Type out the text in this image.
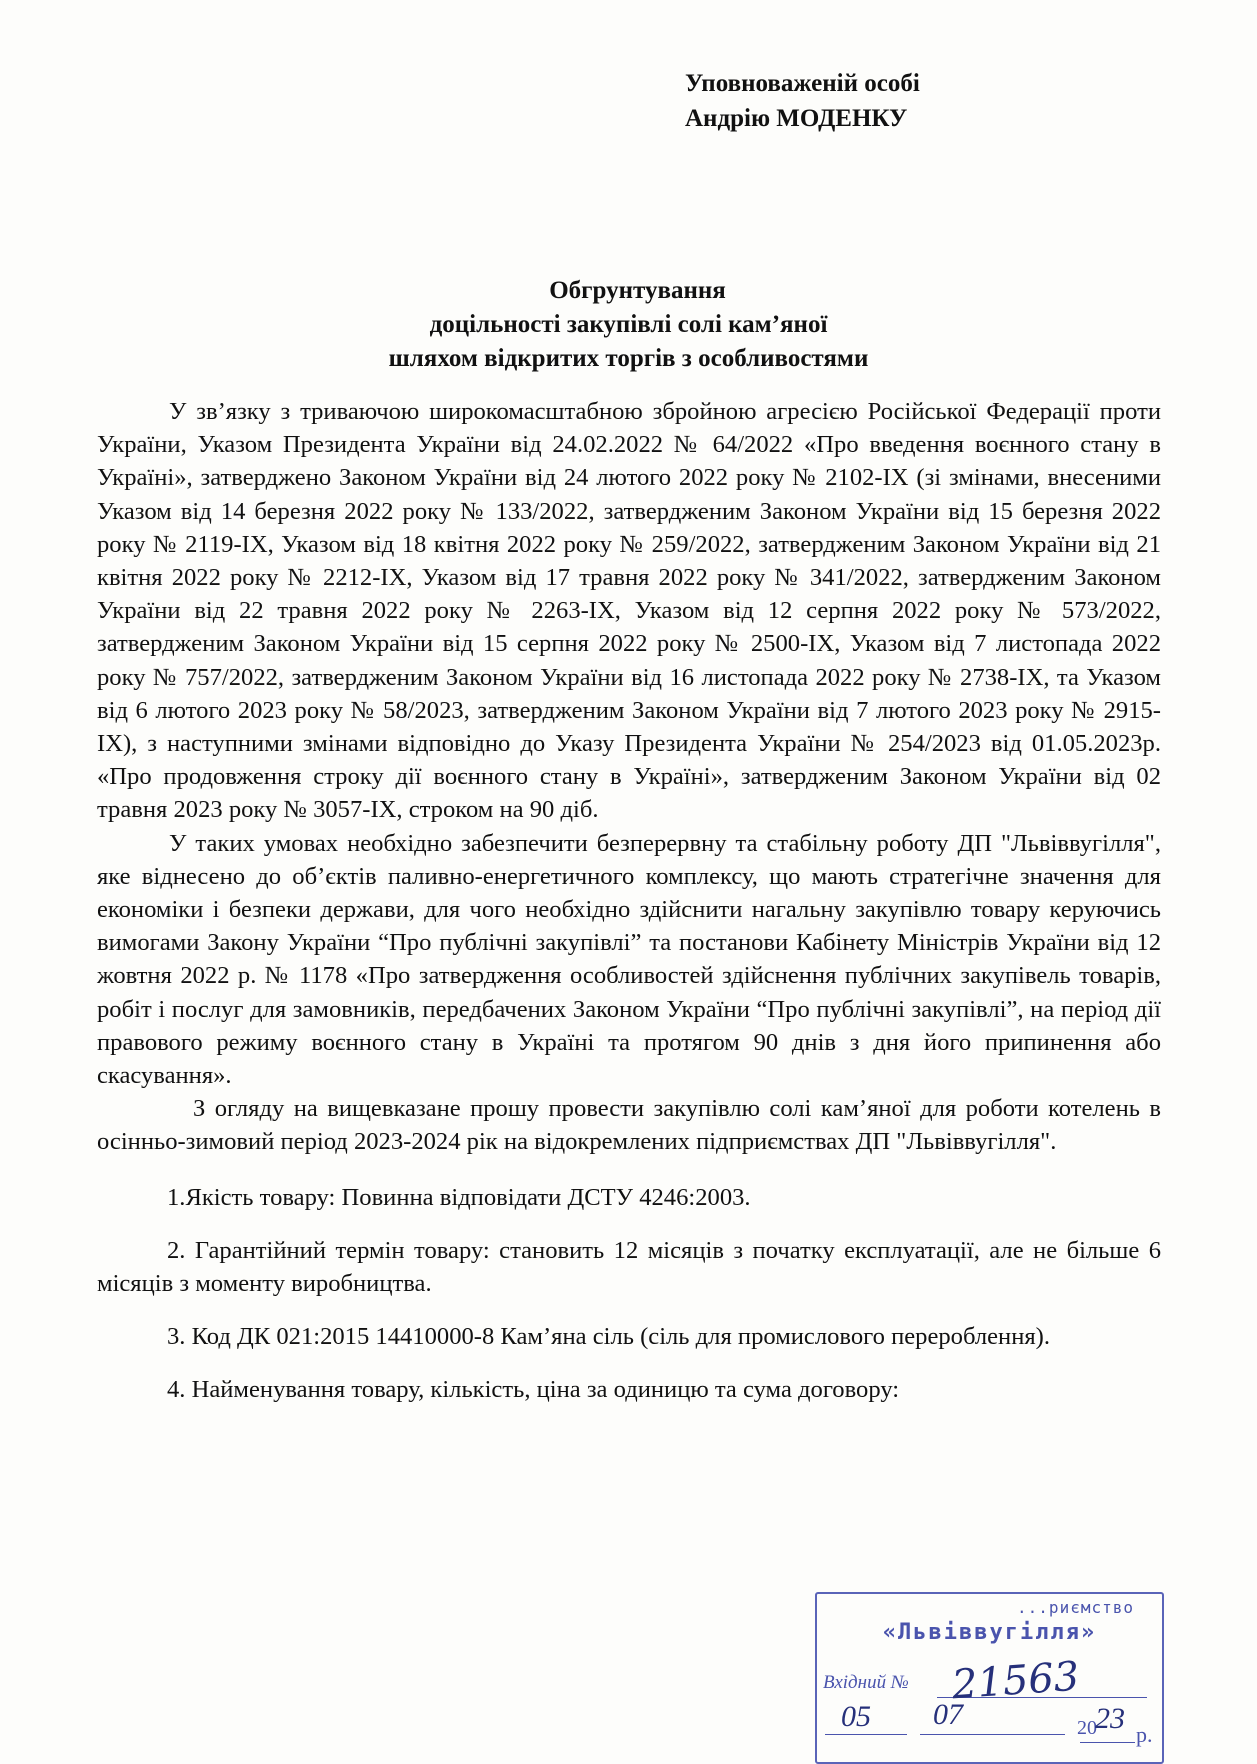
Уповноваженій особі
Андрію МОДЕНКУ
Обгрунтування
доцільності закупівлі солі кам’яної
шляхом відкритих торгів з особливостями

У зв’язку з триваючою широкомасштабною збройною агресією Російської Федерації проти України, Указом Президента України від 24.02.2022 № 64/2022 «Про введення воєнного стану в Україні», затверджено Законом України від 24 лютого 2022 року № 2102-IX (зі змінами, внесеними Указом від 14 березня 2022 року № 133/2022, затвердженим Законом України від 15 березня 2022 року № 2119-IX, Указом від 18 квітня 2022 року № 259/2022, затвердженим Законом України від 21 квітня 2022 року № 2212-IX, Указом від 17 травня 2022 року № 341/2022, затвердженим Законом України від 22 травня 2022 року № 2263-IX, Указом від 12 серпня 2022 року № 573/2022, затвердженим Законом України від 15 серпня 2022 року № 2500-IX, Указом від 7 листопада 2022 року № 757/2022, затвердженим Законом України від 16 листопада 2022 року № 2738-IX, та Указом від 6 лютого 2023 року № 58/2023, затвердженим Законом України від 7 лютого 2023 року № 2915-IX), з наступними змінами відповідно до Указу Президента України № 254/2023 від 01.05.2023р. «Про продовження строку дії воєнного стану в Україні», затвердженим Законом України від 02 травня 2023 року № 3057-IX, строком на 90 діб.

У таких умовах необхідно забезпечити безперервну та стабільну роботу ДП "Львіввугілля", яке віднесено до об’єктів паливно-енергетичного комплексу, що мають стратегічне значення для економіки і безпеки держави, для чого необхідно здійснити нагальну закупівлю товару керуючись вимогами Закону України “Про публічні закупівлі” та постанови Кабінету Міністрів України від 12 жовтня 2022 р. № 1178 «Про затвердження особливостей здійснення публічних закупівель товарів, робіт і послуг для замовників, передбачених Законом України “Про публічні закупівлі”, на період дії правового режиму воєнного стану в Україні та протягом 90 днів з дня його припинення або скасування».

З огляду на вищевказане прошу провести закупівлю солі кам’яної для роботи котелень в осінньо-зимовий період 2023-2024 рік на відокремлених підприємствах ДП "Львіввугілля".

1.Якість товару: Повинна відповідати ДСТУ 4246:2003.

2. Гарантійний термін товару: становить 12 місяців з початку експлуатації, але не більше 6 місяців з моменту виробництва.

3. Код ДК 021:2015 14410000-8 Кам’яна сіль (сіль для промислового перероблення).

4. Найменування товару, кількість, ціна за одиницю та сума договору:

...риємство
«Львіввугілля»
Вхідний № 21563
05 07	20
23 р.
